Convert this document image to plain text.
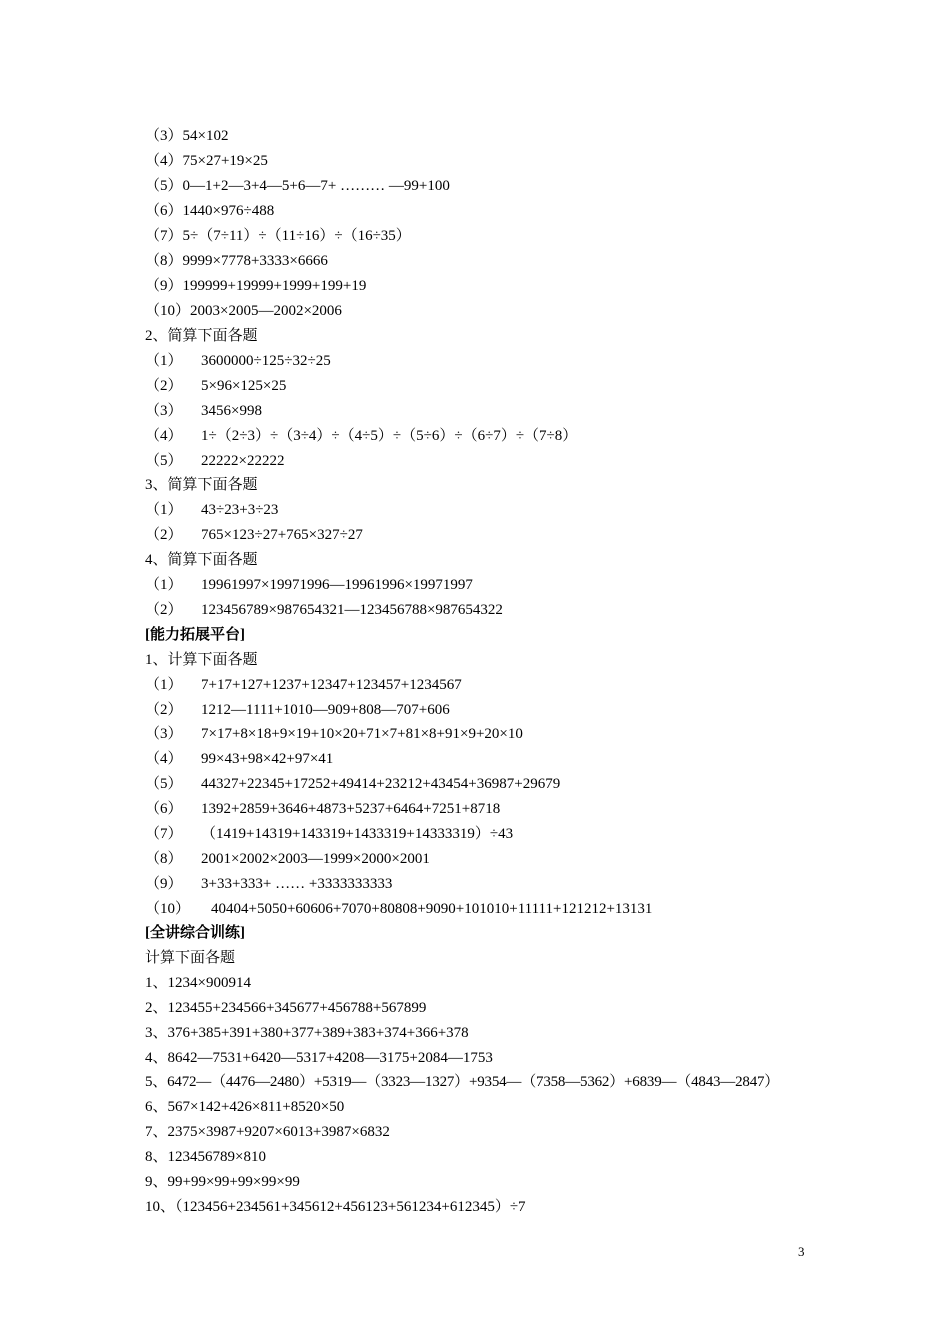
（3）54×102
（4）75×27+19×25
（5）0—1+2—3+4—5+6—7+ ……… —99+100
（6）1440×976÷488
（7）5÷（7÷11）÷（11÷16）÷（16÷35）
（8）9999×7778+3333×6666
（9）199999+19999+1999+199+19
（10）2003×2005—2002×2006
2、简算下面各题
（1） 3600000÷125÷32÷25
（2） 5×96×125×25
（3） 3456×998
（4） 1÷（2÷3）÷（3÷4）÷（4÷5）÷（5÷6）÷（6÷7）÷（7÷8）
（5） 22222×22222
3、简算下面各题
（1） 43÷23+3÷23
（2） 765×123÷27+765×327÷27
4、简算下面各题
（1） 19961997×19971996—19961996×19971997
（2） 123456789×987654321—123456788×987654322
[能力拓展平台]
1、计算下面各题
（1） 7+17+127+1237+12347+123457+1234567
（2） 1212—1111+1010—909+808—707+606
（3） 7×17+8×18+9×19+10×20+71×7+81×8+91×9+20×10
（4） 99×43+98×42+97×41
（5） 44327+22345+17252+49414+23212+43454+36987+29679
（6） 1392+2859+3646+4873+5237+6464+7251+8718
（7） （1419+14319+143319+1433319+14333319）÷43
（8） 2001×2002×2003—1999×2000×2001
（9） 3+33+333+ …… +3333333333
（10） 40404+5050+60606+7070+80808+9090+101010+11111+121212+13131
[全讲综合训练]
计算下面各题
1、1234×900914
2、123455+234566+345677+456788+567899
3、376+385+391+380+377+389+383+374+366+378
4、8642—7531+6420—5317+4208—3175+2084—1753
5、6472—（4476—2480）+5319—（3323—1327）+9354—（7358—5362）+6839—（4843—2847）
6、567×142+426×811+8520×50
7、2375×3987+9207×6013+3987×6832
8、123456789×810
9、99+99×99+99×99×99
10、（123456+234561+345612+456123+561234+612345）÷7
3
